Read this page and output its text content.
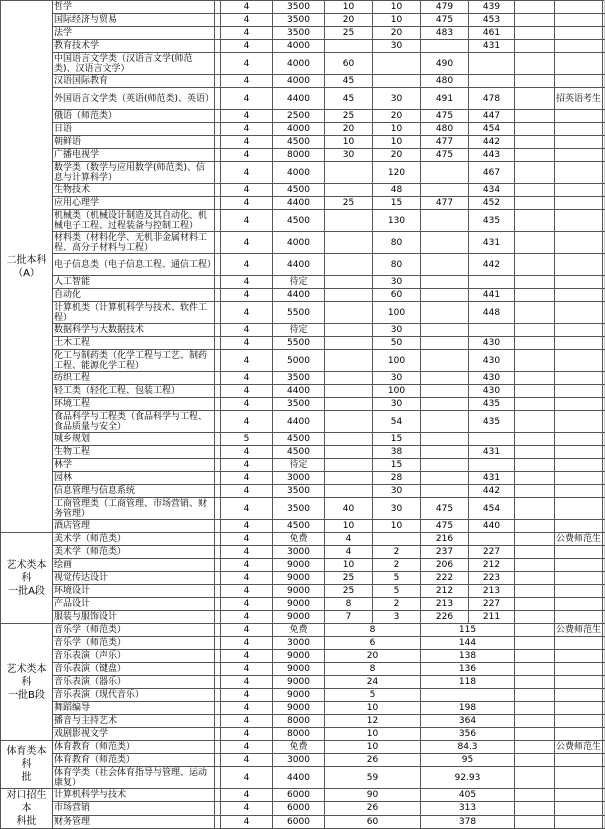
二批本科
（A）	哲学		4	3500	10	10	479	439			
	国际经济与贸易		4	3500	20	10	475	453			
	法学		4	3500	25	20	483	461			
	教育技术学		4	4000		30		431			
	中国语言文学类（汉语言文学(师范类)、汉语言文学）		4	4000	60		490				
	汉语国际教育		4	4000	45		480				
	外国语言文学类（英语(师范类)、英语）		4	4400	45	30	491	478		招英语考生	
	俄语（师范类）		4	2500	25	20	475	447			
	日语		4	4000	20	10	480	454			
	朝鲜语		4	4500	10	10	477	442			
	广播电视学		4	8000	30	20	475	443			
	数学类（数学与应用数学(师范类)、信息与计算科学）		4	4000		120		467			
	生物技术		4	4500		48		434			
	应用心理学		4	4400	25	15	477	452			
	机械类（机械设计制造及其自动化、机械电子工程、过程装备与控制工程）		4	4500		130		435			
	材料类（材料化学、无机非金属材料工程、高分子材料与工程）		4	4000		80		431			
	电子信息类（电子信息工程、通信工程）		4	4400		80		442			
	人工智能		4	待定		30					
	自动化		4	4400		60		441			
	计算机类（计算机科学与技术、软件工程）		4	5500		100		448			
	数据科学与大数据技术		4	待定		30					
	土木工程		4	5500		50		430			
	化工与制药类（化学工程与工艺、制药工程、能源化学工程）		4	5000		100		430			
	纺织工程		4	3500		30		430			
	轻工类（轻化工程、包装工程）		4	4400		100		430			
	环境工程		4	3500		30		435			
	食品科学与工程类（食品科学与工程、食品质量与安全）		4	4400		54		435			
	城乡规划		5	4500		15					
	生物工程		4	4500		38		431			
	林学		4	待定		15					
	园林		4	3000		28		431			
	信息管理与信息系统		4	3500		30		442			
	工商管理类（工商管理、市场营销、财务管理）		4	3500	40	30	475	454			
	酒店管理		4	4500	10	10	475	440			
艺术类本科
一批A段	美术学（师范类）		4	免费	4		216			公费师范生	
	美术学（师范类）		4	3000	4	2	237	227			
	绘画		4	9000	10	2	206	212			
	视觉传达设计		4	9000	25	5	222	223			
	环境设计		4	9000	25	5	212	213			
	产品设计		4	9000	8	2	213	227			
	服装与服饰设计		4	9000	7	3	226	211			
艺术类本科
一批B段	音乐学（师范类）		4	免费	8		115			公费师范生	
	音乐学（师范类）		4	3000	6		144				
	音乐表演（声乐）		4	9000	20		138				
	音乐表演（键盘）		4	9000	8		136				
	音乐表演（器乐）		4	9000	24		118				
	音乐表演（现代音乐）		4	9000	5						
	舞蹈编导		4	9000	10		198				
	播音与主持艺术		4	8000	12		364				
	戏剧影视文学		4	8000	10		356				
体育类本科
批	体育教育（师范类）		4	免费	10		84.3			公费师范生	
	体育教育（师范类）		4	3000	26		95				
	体育学类（社会体育指导与管理、运动康复）		4	4400	59		92.93				
对口招生本
科批	计算机科学与技术		4	6000	90		405				
	市场营销		4	6000	26		313				
	财务管理		4	6000	60		378				
